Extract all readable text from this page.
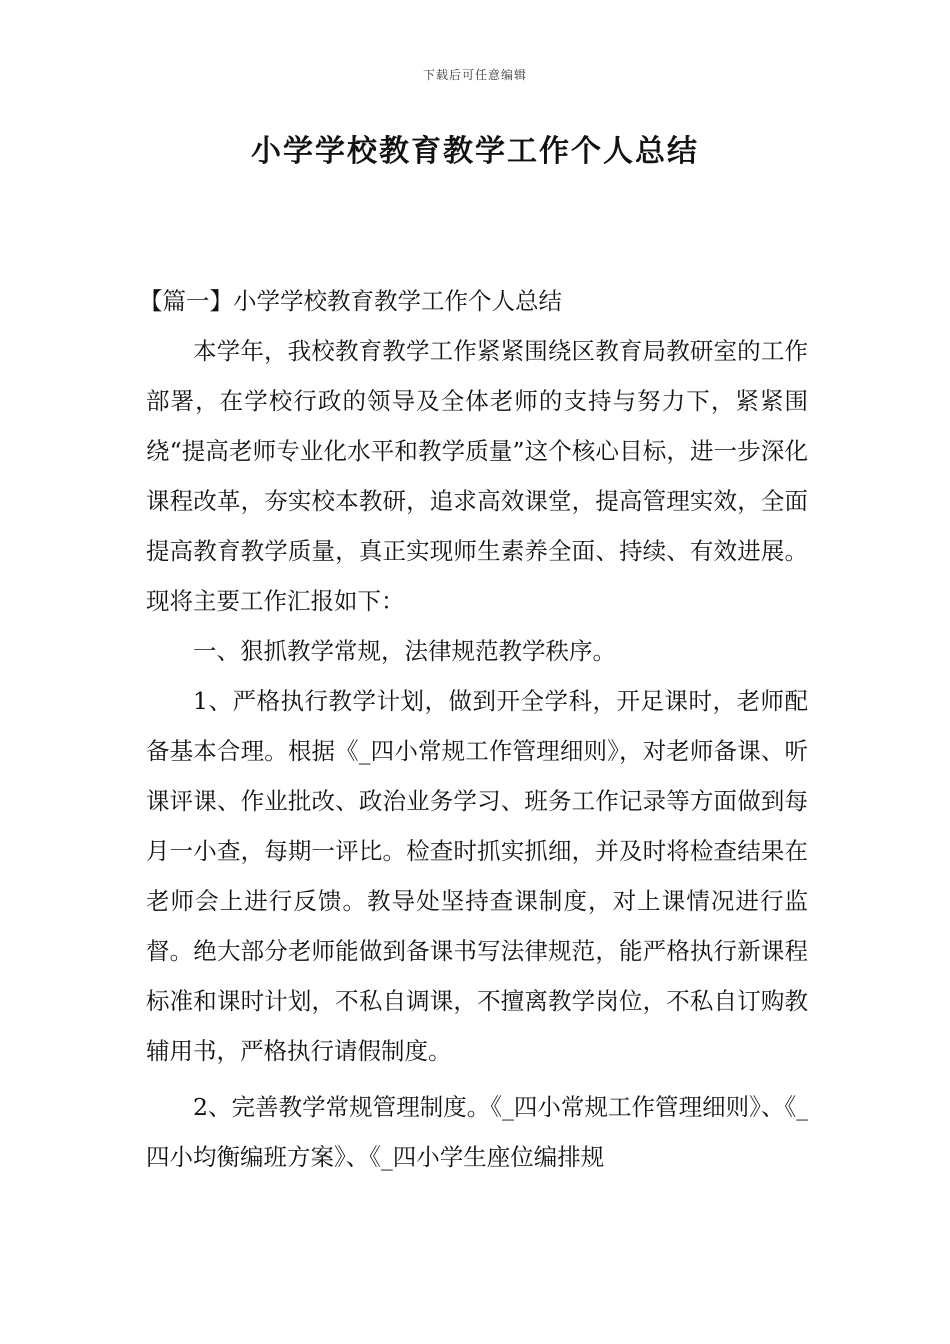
下载后可任意编辑
小学学校教育教学工作个人总结

【篇一】小学学校教育教学工作个人总结

本学年，我校教育教学工作紧紧围绕区教育局教研室的工作部署，在学校行政的领导及全体老师的支持与努力下，紧紧围绕“提高老师专业化水平和教学质量”这个核心目标，进一步深化课程改革，夯实校本教研，追求高效课堂，提高管理实效，全面提高教育教学质量，真正实现师生素养全面、持续、有效进展。现将主要工作汇报如下：

一、狠抓教学常规，法律规范教学秩序。

1、严格执行教学计划，做到开全学科，开足课时，老师配备基本合理。根据《_四小常规工作管理细则》，对老师备课、听课评课、作业批改、政治业务学习、班务工作记录等方面做到每月一小查，每期一评比。检查时抓实抓细，并及时将检查结果在老师会上进行反馈。教导处坚持查课制度，对上课情况进行监督。绝大部分老师能做到备课书写法律规范，能严格执行新课程标准和课时计划，不私自调课，不擅离教学岗位，不私自订购教辅用书，严格执行请假制度。

2、完善教学常规管理制度。《_四小常规工作管理细则》、《_四小均衡编班方案》、《_四小学生座位编排规
